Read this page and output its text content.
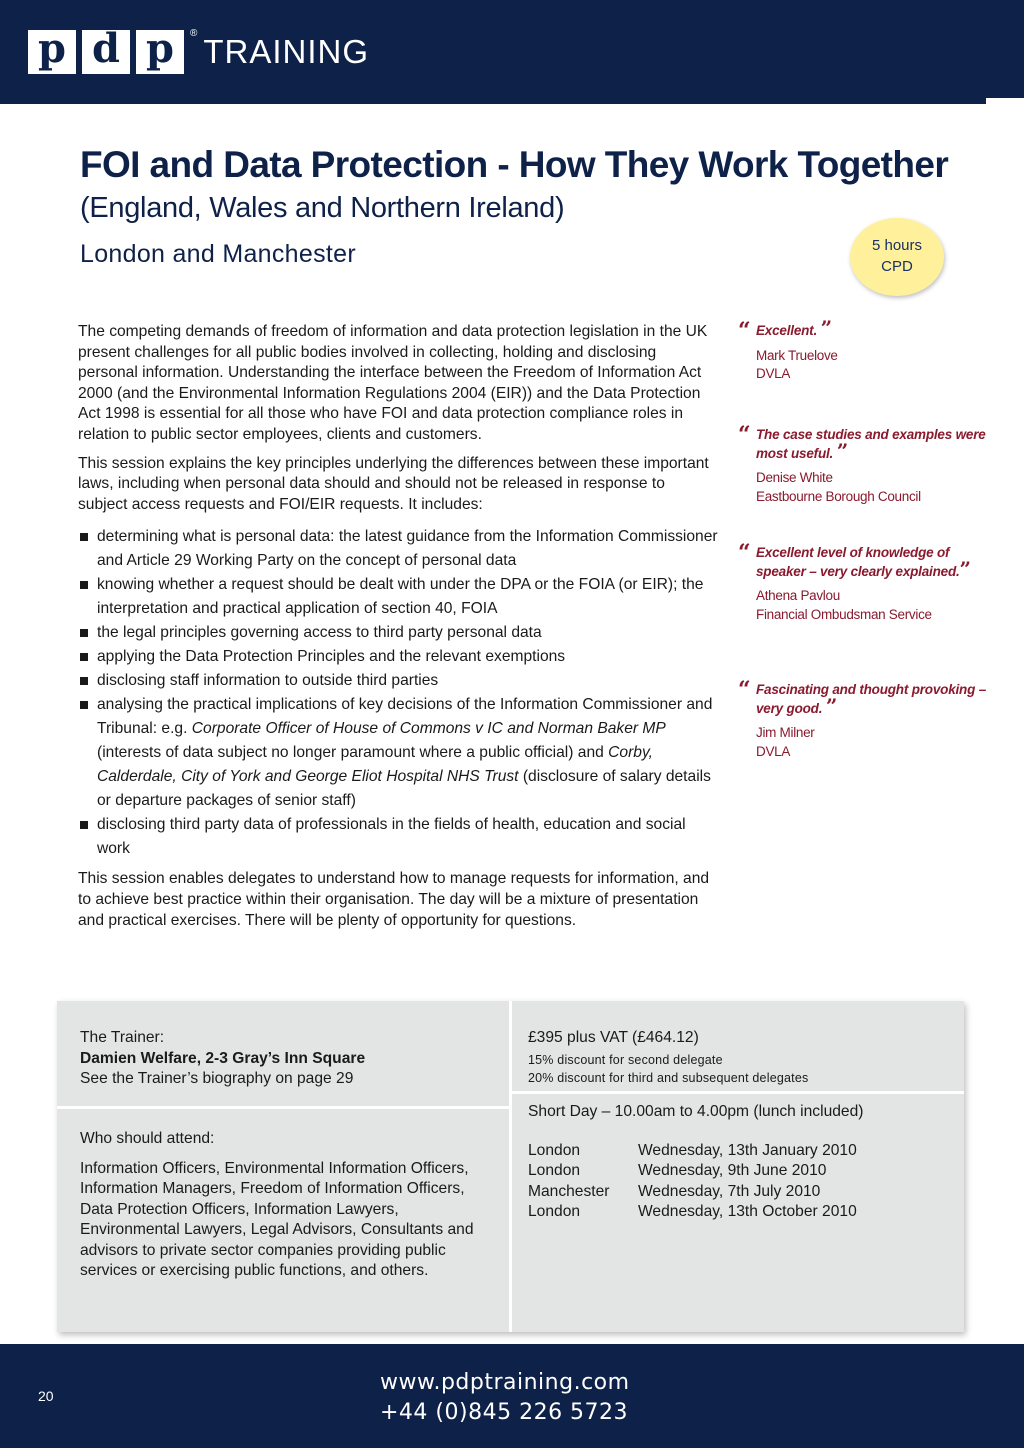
p d p	® TRAINING
FOI and Data Protection - How They Work Together
(England, Wales and Northern Ireland)
London and Manchester	5 hours
CPD

The competing demands of freedom of information and data protection legislation in the UK present challenges for all public bodies involved in collecting, holding and disclosing personal information. Understanding the interface between the Freedom of Information Act 2000 (and the Environmental Information Regulations 2004 (EIR)) and the Data Protection Act 1998 is essential for all those who have FOI and data protection compliance roles in relation to public sector employees, clients and customers.

This session explains the key principles underlying the differences between these important laws, including when personal data should and should not be released in response to subject access requests and FOI/EIR requests. It includes:

determining what is personal data: the latest guidance from the Information Commissioner and Article 29 Working Party on the concept of personal data
knowing whether a request should be dealt with under the DPA or the FOIA (or EIR); the interpretation and practical application of section 40, FOIA
the legal principles governing access to third party personal data
applying the Data Protection Principles and the relevant exemptions
disclosing staff information to outside third parties
analysing the practical implications of key decisions of the Information Commissioner and Tribunal: e.g. Corporate Officer of House of Commons v IC and Norman Baker MP (interests of data subject no longer paramount where a public official) and Corby, Calderdale, City of York and George Eliot Hospital NHS Trust (disclosure of salary details or departure packages of senior staff)
disclosing third party data of professionals in the fields of health, education and social work

This session enables delegates to understand how to manage requests for information, and to achieve best practice within their organisation. The day will be a mixture of presentation and practical exercises. There will be plenty of opportunity for questions.

“ Excellent. ”
Mark Truelove
DVLA
“ The case studies and examples were most useful. ”
Denise White
Eastbourne Borough Council
“ Excellent level of knowledge of speaker – very clearly explained.”
Athena Pavlou
Financial Ombudsman Service
“ Fascinating and thought provoking – very good. ”
Jim Milner
DVLA
The Trainer:
Damien Welfare, 2-3 Gray’s Inn Square
See the Trainer’s biography on page 29
Who should attend:
Information Officers, Environmental Information Officers, Information Managers, Freedom of Information Officers, Data Protection Officers, Information Lawyers, Environmental Lawyers, Legal Advisors, Consultants and advisors to private sector companies providing public services or exercising public functions, and others.
£395 plus VAT (£464.12)
15% discount for second delegate
20% discount for third and subsequent delegates
Short Day – 10.00am to 4.00pm (lunch included)
London	Wednesday, 13th January 2010
London	Wednesday, 9th June 2010
Manchester	Wednesday, 7th July 2010
London	Wednesday, 13th October 2010
20
www.pdptraining.com
+44 (0)845 226 5723
